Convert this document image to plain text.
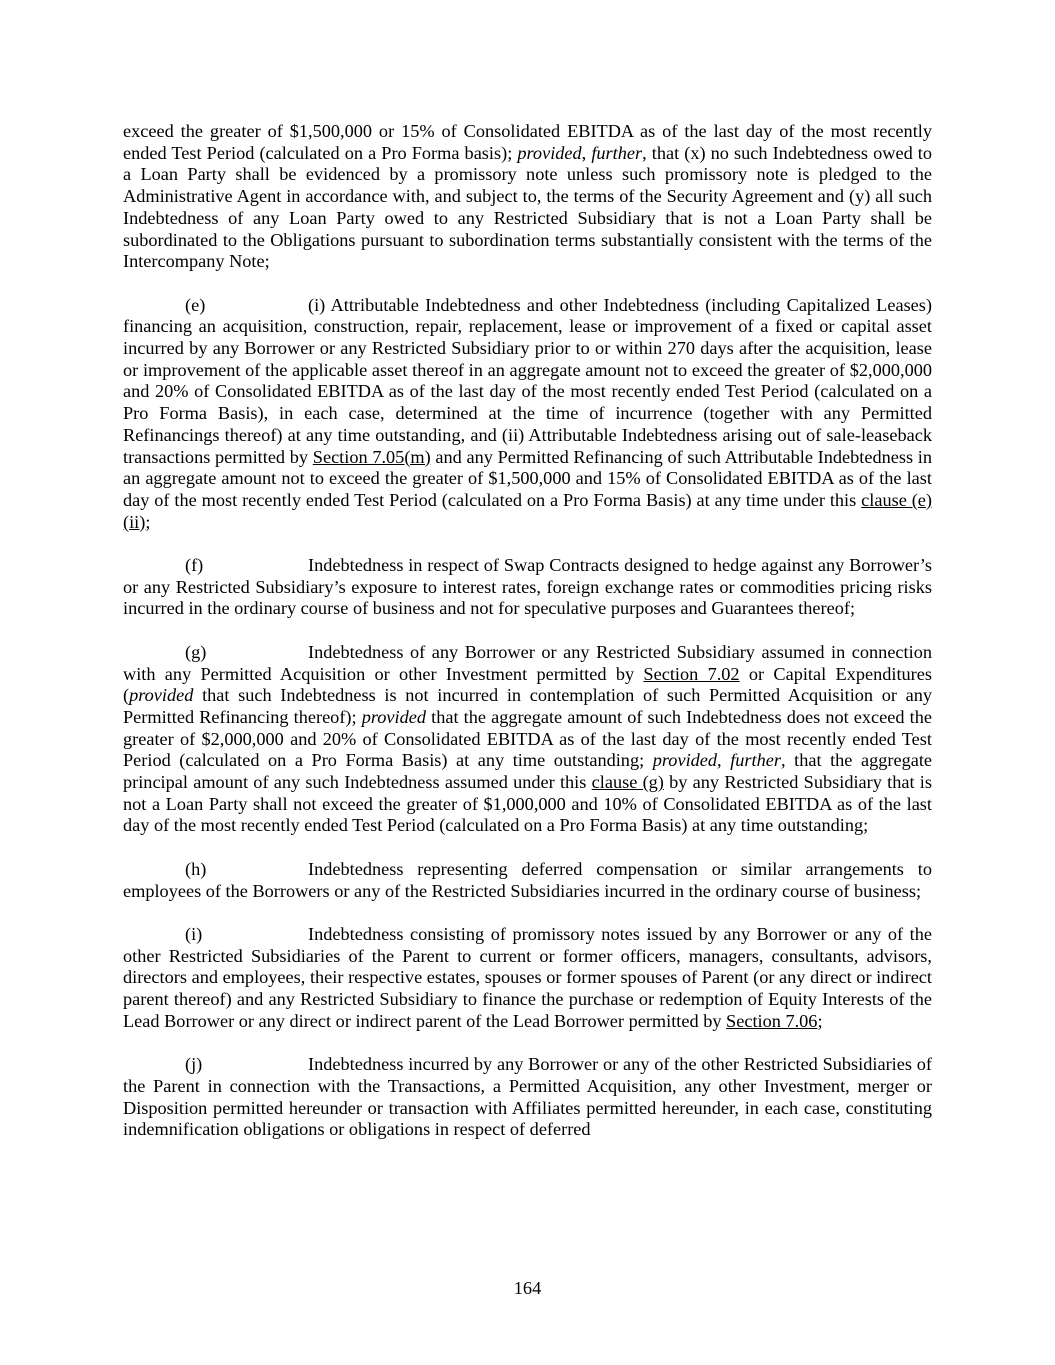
exceed the greater of $1,500,000 or 15% of Consolidated EBITDA as of the last day of the most recently ended Test Period (calculated on a Pro Forma basis); provided, further, that (x) no such Indebtedness owed to a Loan Party shall be evidenced by a promissory note unless such promissory note is pledged to the Administrative Agent in accordance with, and subject to, the terms of the Security Agreement and (y) all such Indebtedness of any Loan Party owed to any Restricted Subsidiary that is not a Loan Party shall be subordinated to the Obligations pursuant to subordination terms substantially consistent with the terms of the Intercompany Note;

(e)	(i) Attributable Indebtedness and other Indebtedness (including Capitalized Leases) financing an acquisition, construction, repair, replacement, lease or improvement of a fixed or capital asset incurred by any Borrower or any Restricted Subsidiary prior to or within 270 days after the acquisition, lease or improvement of the applicable asset thereof in an aggregate amount not to exceed the greater of $2,000,000 and 20% of Consolidated EBITDA as of the last day of the most recently ended Test Period (calculated on a Pro Forma Basis), in each case, determined at the time of incurrence (together with any Permitted Refinancings thereof) at any time outstanding, and (ii) Attributable Indebtedness arising out of sale-leaseback transactions permitted by Section 7.05(m) and any Permitted Refinancing of such Attributable Indebtedness in an aggregate amount not to exceed the greater of $1,500,000 and 15% of Consolidated EBITDA as of the last day of the most recently ended Test Period (calculated on a Pro Forma Basis) at any time under this clause (e)(ii);

(f)	Indebtedness in respect of Swap Contracts designed to hedge against any Borrower’s or any Restricted Subsidiary’s exposure to interest rates, foreign exchange rates or commodities pricing risks incurred in the ordinary course of business and not for speculative purposes and Guarantees thereof;

(g)	Indebtedness of any Borrower or any Restricted Subsidiary assumed in connection with any Permitted Acquisition or other Investment permitted by Section 7.02 or Capital Expenditures (provided that such Indebtedness is not incurred in contemplation of such Permitted Acquisition or any Permitted Refinancing thereof); provided that the aggregate amount of such Indebtedness does not exceed the greater of $2,000,000 and 20% of Consolidated EBITDA as of the last day of the most recently ended Test Period (calculated on a Pro Forma Basis) at any time outstanding; provided, further, that the aggregate principal amount of any such Indebtedness assumed under this clause (g) by any Restricted Subsidiary that is not a Loan Party shall not exceed the greater of $1,000,000 and 10% of Consolidated EBITDA as of the last day of the most recently ended Test Period (calculated on a Pro Forma Basis) at any time outstanding;

(h)	Indebtedness representing deferred compensation or similar arrangements to employees of the Borrowers or any of the Restricted Subsidiaries incurred in the ordinary course of business;

(i)	Indebtedness consisting of promissory notes issued by any Borrower or any of the other Restricted Subsidiaries of the Parent to current or former officers, managers, consultants, advisors, directors and employees, their respective estates, spouses or former spouses of Parent (or any direct or indirect parent thereof) and any Restricted Subsidiary to finance the purchase or redemption of Equity Interests of the Lead Borrower or any direct or indirect parent of the Lead Borrower permitted by Section 7.06;

(j)	Indebtedness incurred by any Borrower or any of the other Restricted Subsidiaries of the Parent in connection with the Transactions, a Permitted Acquisition, any other Investment, merger or Disposition permitted hereunder or transaction with Affiliates permitted hereunder, in each case, constituting indemnification obligations or obligations in respect of deferred

164
